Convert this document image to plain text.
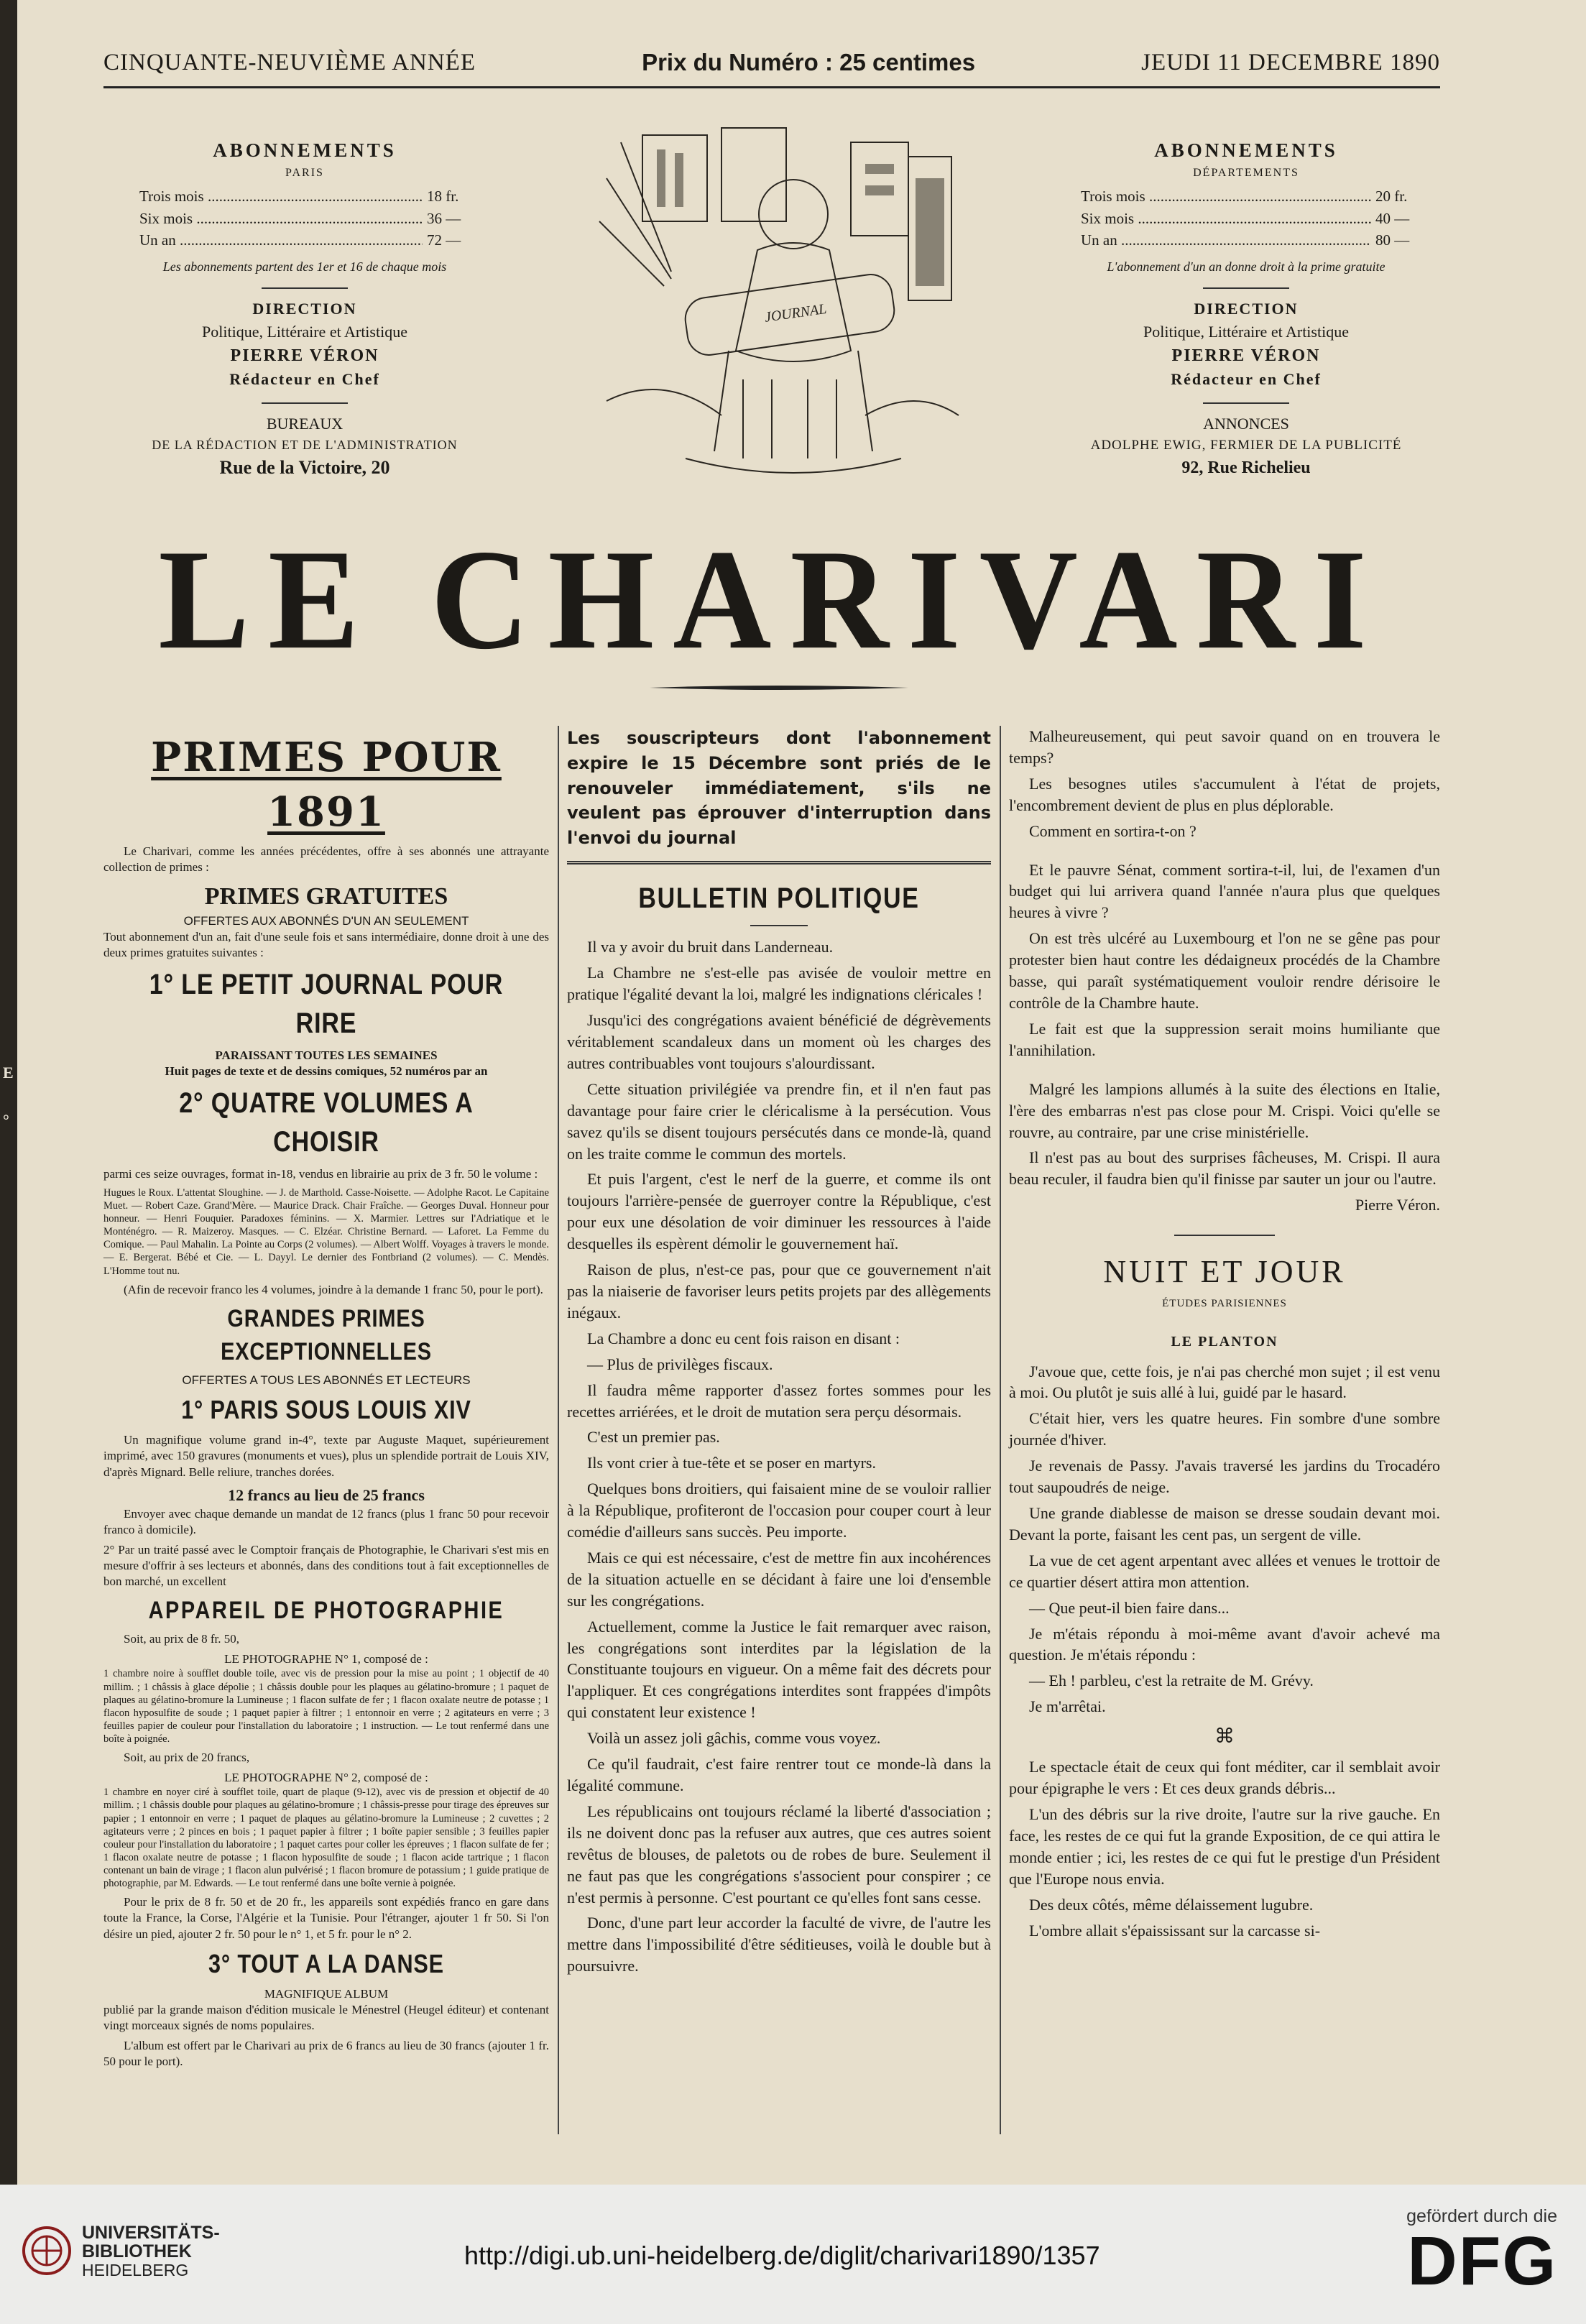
E
°
CINQUANTE-NEUVIÈME ANNÉE	Prix du Numéro : 25 centimes	JEUDI 11 DECEMBRE 1890
ABONNEMENTS
PARIS
Trois mois .....	18 fr.
Six mois .....	36 —
Un an .....	72 —
Les abonnements partent des 1er et 16 de chaque mois
DIRECTION
Politique, Littéraire et Artistique
PIERRE VÉRON
Rédacteur en Chef
BUREAUX
DE LA RÉDACTION ET DE L'ADMINISTRATION
Rue de la Victoire, 20
JOURNAL
ABONNEMENTS
DÉPARTEMENTS
Trois mois .....	20 fr.
Six mois .....	40 —
Un an .....	80 —
L'abonnement d'un an donne droit à la prime gratuite
DIRECTION
Politique, Littéraire et Artistique
PIERRE VÉRON
Rédacteur en Chef
ANNONCES
ADOLPHE EWIG, FERMIER DE LA PUBLICITÉ
92, Rue Richelieu
LE CHARIVARI
PRIMES POUR 1891

Le Charivari, comme les années précédentes, offre à ses abonnés une attrayante collection de primes :

PRIMES GRATUITES
OFFERTES AUX ABONNÉS D'UN AN SEULEMENT

Tout abonnement d'un an, fait d'une seule fois et sans intermédiaire, donne droit à une des deux primes gratuites suivantes :

1° LE PETIT JOURNAL POUR RIRE
PARAISSANT TOUTES LES SEMAINES
Huit pages de texte et de dessins comiques, 52 numéros par an
2° QUATRE VOLUMES A CHOISIR

parmi ces seize ouvrages, format in-18, vendus en librairie au prix de 3 fr. 50 le volume :

Hugues le Roux. L'attentat Sloughine. — J. de Marthold. Casse-Noisette. — Adolphe Racot. Le Capitaine Muet. — Robert Caze. Grand'Mère. — Maurice Drack. Chair Fraîche. — Georges Duval. Honneur pour honneur. — Henri Fouquier. Paradoxes féminins. — X. Marmier. Lettres sur l'Adriatique et le Monténégro. — R. Maizeroy. Masques. — C. Elzéar. Christine Bernard. — Laforet. La Femme du Comique. — Paul Mahalin. La Pointe au Corps (2 volumes). — Albert Wolff. Voyages à travers le monde. — E. Bergerat. Bébé et Cie. — L. Dayyl. Le dernier des Fontbriand (2 volumes). — C. Mendès. L'Homme tout nu.

(Afin de recevoir franco les 4 volumes, joindre à la demande 1 franc 50, pour le port).

GRANDES PRIMES EXCEPTIONNELLES
OFFERTES A TOUS LES ABONNÉS ET LECTEURS
1° PARIS SOUS LOUIS XIV

Un magnifique volume grand in-4°, texte par Auguste Maquet, supérieurement imprimé, avec 150 gravures (monuments et vues), plus un splendide portrait de Louis XIV, d'après Mignard. Belle reliure, tranches dorées.

12 francs au lieu de 25 francs

Envoyer avec chaque demande un mandat de 12 francs (plus 1 franc 50 pour recevoir franco à domicile).

2° Par un traité passé avec le Comptoir français de Photographie, le Charivari s'est mis en mesure d'offrir à ses lecteurs et abonnés, dans des conditions tout à fait exceptionnelles de bon marché, un excellent

APPAREIL DE PHOTOGRAPHIE

Soit, au prix de 8 fr. 50,

LE PHOTOGRAPHE N° 1, composé de :

1 chambre noire à soufflet double toile, avec vis de pression pour la mise au point ; 1 objectif de 40 millim. ; 1 châssis à glace dépolie ; 1 châssis double pour les plaques au gélatino-bromure ; 1 paquet de plaques au gélatino-bromure la Lumineuse ; 1 flacon sulfate de fer ; 1 flacon oxalate neutre de potasse ; 1 flacon hyposulfite de soude ; 1 paquet papier à filtrer ; 1 entonnoir en verre ; 2 agitateurs en verre ; 3 feuilles papier de couleur pour l'installation du laboratoire ; 1 instruction. — Le tout renfermé dans une boîte à poignée.

Soit, au prix de 20 francs,

LE PHOTOGRAPHE N° 2, composé de :

1 chambre en noyer ciré à soufflet toile, quart de plaque (9-12), avec vis de pression et objectif de 40 millim. ; 1 châssis double pour plaques au gélatino-bromure ; 1 châssis-presse pour tirage des épreuves sur papier ; 1 entonnoir en verre ; 1 paquet de plaques au gélatino-bromure la Lumineuse ; 2 cuvettes ; 2 agitateurs verre ; 2 pinces en bois ; 1 paquet papier à filtrer ; 1 boîte papier sensible ; 3 feuilles papier couleur pour l'installation du laboratoire ; 1 paquet cartes pour coller les épreuves ; 1 flacon sulfate de fer ; 1 flacon oxalate neutre de potasse ; 1 flacon hyposulfite de soude ; 1 flacon acide tartrique ; 1 flacon contenant un bain de virage ; 1 flacon alun pulvérisé ; 1 flacon bromure de potassium ; 1 guide pratique de photographie, par M. Edwards. — Le tout renfermé dans une boîte vernie à poignée.

Pour le prix de 8 fr. 50 et de 20 fr., les appareils sont expédiés franco en gare dans toute la France, la Corse, l'Algérie et la Tunisie. Pour l'étranger, ajouter 1 fr 50. Si l'on désire un pied, ajouter 2 fr. 50 pour le n° 1, et 5 fr. pour le n° 2.

3° TOUT A LA DANSE
MAGNIFIQUE ALBUM

publié par la grande maison d'édition musicale le Ménestrel (Heugel éditeur) et contenant vingt morceaux signés de noms populaires.

L'album est offert par le Charivari au prix de 6 francs au lieu de 30 francs (ajouter 1 fr. 50 pour le port).

Les souscripteurs dont l'abonnement expire le 15 Décembre sont priés de le renouveler immédiatement, s'ils ne veulent pas éprouver d'interruption dans l'envoi du journal

BULLETIN POLITIQUE

Il va y avoir du bruit dans Landerneau.

La Chambre ne s'est-elle pas avisée de vouloir mettre en pratique l'égalité devant la loi, malgré les indignations cléricales !

Jusqu'ici des congrégations avaient bénéficié de dégrèvements véritablement scandaleux dans un moment où les charges des autres contribuables vont toujours s'alourdissant.

Cette situation privilégiée va prendre fin, et il n'en faut pas davantage pour faire crier le cléricalisme à la persécution. Vous savez qu'ils se disent toujours persécutés dans ce monde-là, quand on les traite comme le commun des mortels.

Et puis l'argent, c'est le nerf de la guerre, et comme ils ont toujours l'arrière-pensée de guerroyer contre la République, c'est pour eux une désolation de voir diminuer les ressources à l'aide desquelles ils espèrent démolir le gouvernement haï.

Raison de plus, n'est-ce pas, pour que ce gouvernement n'ait pas la niaiserie de favoriser leurs petits projets par des allègements inégaux.

La Chambre a donc eu cent fois raison en disant :

— Plus de privilèges fiscaux.

Il faudra même rapporter d'assez fortes sommes pour les recettes arriérées, et le droit de mutation sera perçu désormais.

C'est un premier pas.

Ils vont crier à tue-tête et se poser en martyrs.

Quelques bons droitiers, qui faisaient mine de se vouloir rallier à la République, profiteront de l'occasion pour couper court à leur comédie d'ailleurs sans succès. Peu importe.

Mais ce qui est nécessaire, c'est de mettre fin aux incohérences de la situation actuelle en se décidant à faire une loi d'ensemble sur les congrégations.

Actuellement, comme la Justice le fait remarquer avec raison, les congrégations sont interdites par la législation de la Constituante toujours en vigueur. On a même fait des décrets pour l'appliquer. Et ces congrégations interdites sont frappées d'impôts qui constatent leur existence !

Voilà un assez joli gâchis, comme vous voyez.

Ce qu'il faudrait, c'est faire rentrer tout ce monde-là dans la légalité commune.

Les républicains ont toujours réclamé la liberté d'association ; ils ne doivent donc pas la refuser aux autres, que ces autres soient revêtus de blouses, de paletots ou de robes de bure. Seulement il ne faut pas que les congrégations s'associent pour conspirer ; ce n'est permis à personne. C'est pourtant ce qu'elles font sans cesse.

Donc, d'une part leur accorder la faculté de vivre, de l'autre les mettre dans l'impossibilité d'être séditieuses, voilà le double but à poursuivre.

Malheureusement, qui peut savoir quand on en trouvera le temps?

Les besognes utiles s'accumulent à l'état de projets, l'encombrement devient de plus en plus déplorable.

Comment en sortira-t-on ?

Et le pauvre Sénat, comment sortira-t-il, lui, de l'examen d'un budget qui lui arrivera quand l'année n'aura plus que quelques heures à vivre ?

On est très ulcéré au Luxembourg et l'on ne se gêne pas pour protester bien haut contre les dédaigneux procédés de la Chambre basse, qui paraît systématiquement vouloir rendre dérisoire le contrôle de la Chambre haute.

Le fait est que la suppression serait moins humiliante que l'annihilation.

Malgré les lampions allumés à la suite des élections en Italie, l'ère des embarras n'est pas close pour M. Crispi. Voici qu'elle se rouvre, au contraire, par une crise ministérielle.

Il n'est pas au bout des surprises fâcheuses, M. Crispi. Il aura beau reculer, il faudra bien qu'il finisse par sauter un jour ou l'autre.

Pierre Véron.

NUIT ET JOUR
ÉTUDES PARISIENNES
LE PLANTON

J'avoue que, cette fois, je n'ai pas cherché mon sujet ; il est venu à moi. Ou plutôt je suis allé à lui, guidé par le hasard.

C'était hier, vers les quatre heures. Fin sombre d'une sombre journée d'hiver.

Je revenais de Passy. J'avais traversé les jardins du Trocadéro tout saupoudrés de neige.

Une grande diablesse de maison se dresse soudain devant moi. Devant la porte, faisant les cent pas, un sergent de ville.

La vue de cet agent arpentant avec allées et venues le trottoir de ce quartier désert attira mon attention.

— Que peut-il bien faire dans...

Je m'étais répondu à moi-même avant d'avoir achevé ma question. Je m'étais répondu :

— Eh ! parbleu, c'est la retraite de M. Grévy.

Je m'arrêtai.

⌘

Le spectacle était de ceux qui font méditer, car il semblait avoir pour épigraphe le vers : Et ces deux grands débris...

L'un des débris sur la rive droite, l'autre sur la rive gauche. En face, les restes de ce qui fut la grande Exposition, de ce qui attira le monde entier ; ici, les restes de ce qui fut le prestige d'un Président que l'Europe nous envia.

Des deux côtés, même délaissement lugubre.

L'ombre allait s'épaississant sur la carcasse si-

UNIVERSITÄTS-
BIBLIOTHEK
HEIDELBERG	http://digi.ub.uni-heidelberg.de/diglit/charivari1890/1357
gefördert durch die
DFG
